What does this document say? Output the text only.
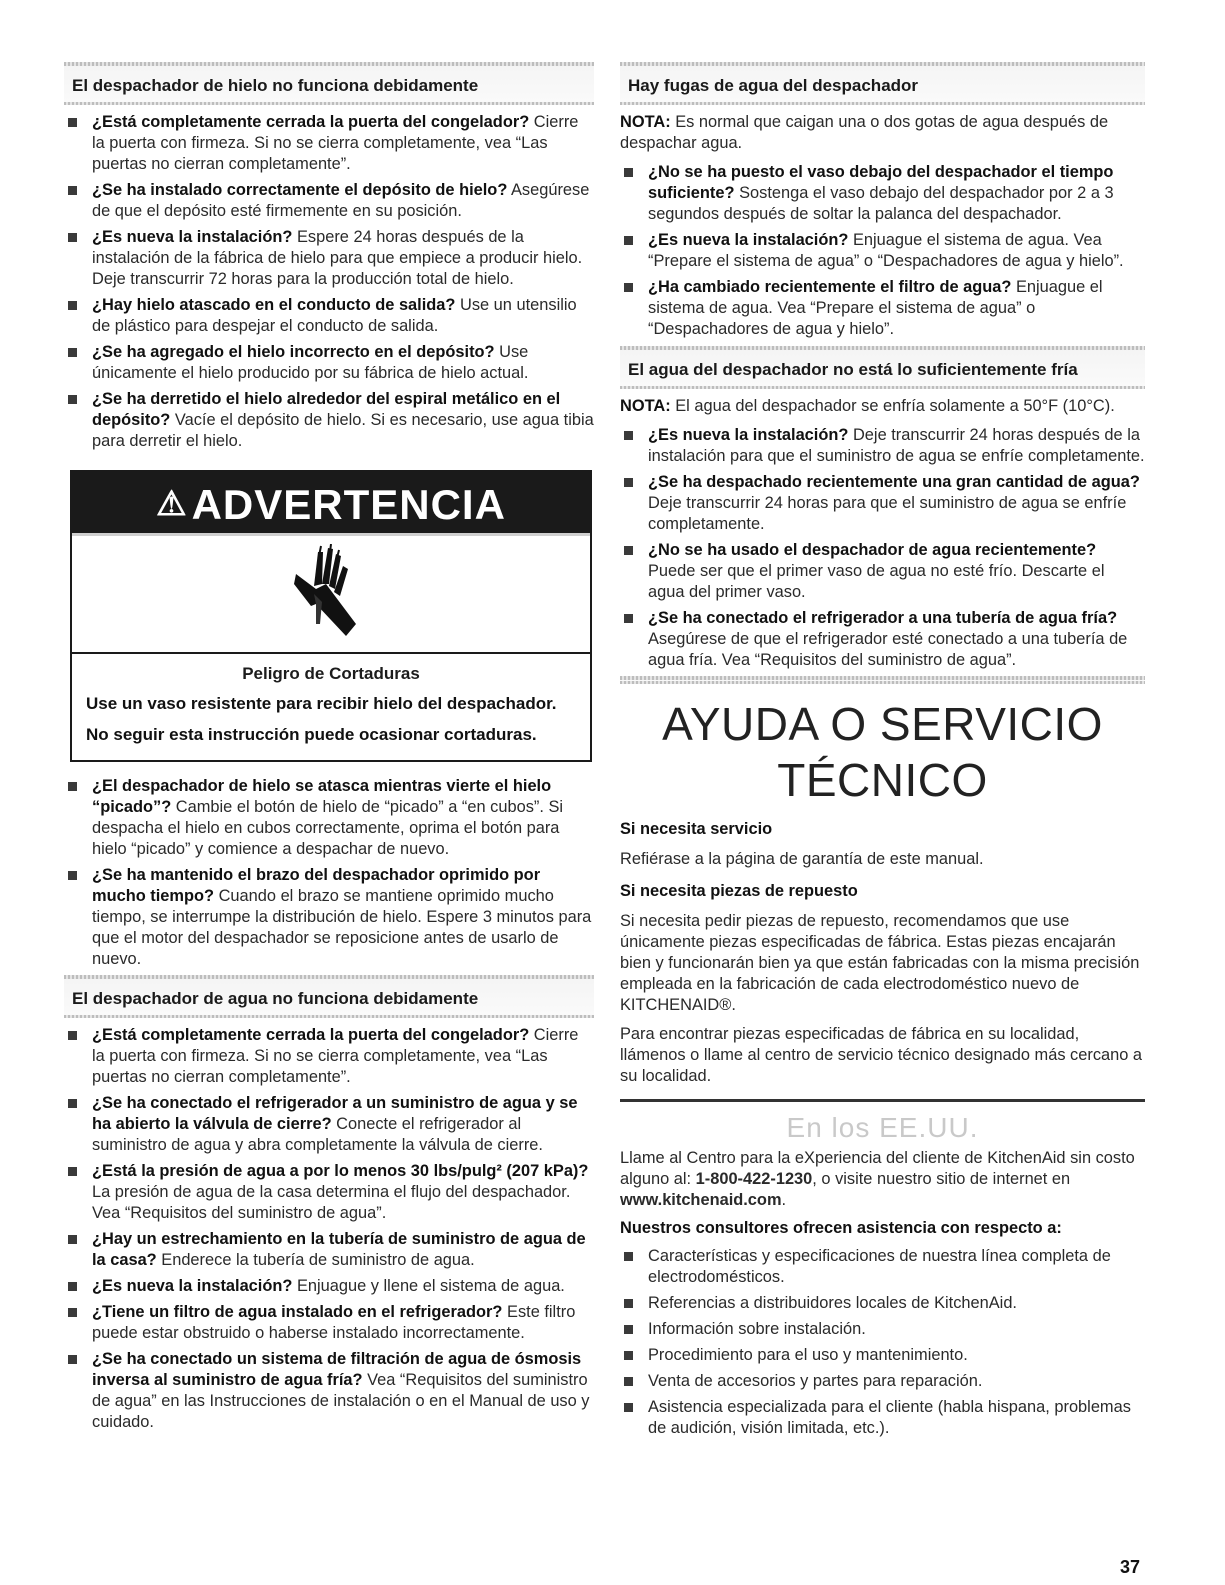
El despachador de hielo no funciona debidamente
¿Está completamente cerrada la puerta del congelador? Cierre la puerta con firmeza. Si no se cierra completamente, vea “Las puertas no cierran completamente”.
¿Se ha instalado correctamente el depósito de hielo? Asegúrese de que el depósito esté firmemente en su posición.
¿Es nueva la instalación? Espere 24 horas después de la instalación de la fábrica de hielo para que empiece a producir hielo. Deje transcurrir 72 horas para la producción total de hielo.
¿Hay hielo atascado en el conducto de salida? Use un utensilio de plástico para despejar el conducto de salida.
¿Se ha agregado el hielo incorrecto en el depósito? Use únicamente el hielo producido por su fábrica de hielo actual.
¿Se ha derretido el hielo alrededor del espiral metálico en el depósito? Vacíe el depósito de hielo. Si es necesario, use agua tibia para derretir el hielo.
⚠ADVERTENCIA
Peligro de Cortaduras
Use un vaso resistente para recibir hielo del despachador.
No seguir esta instrucción puede ocasionar cortaduras.
¿El despachador de hielo se atasca mientras vierte el hielo “picado”? Cambie el botón de hielo de “picado” a “en cubos”. Si despacha el hielo en cubos correctamente, oprima el botón para hielo “picado” y comience a despachar de nuevo.
¿Se ha mantenido el brazo del despachador oprimido por mucho tiempo? Cuando el brazo se mantiene oprimido mucho tiempo, se interrumpe la distribución de hielo. Espere 3 minutos para que el motor del despachador se reposicione antes de usarlo de nuevo.
El despachador de agua no funciona debidamente
¿Está completamente cerrada la puerta del congelador? Cierre la puerta con firmeza. Si no se cierra completamente, vea “Las puertas no cierran completamente”.
¿Se ha conectado el refrigerador a un suministro de agua y se ha abierto la válvula de cierre? Conecte el refrigerador al suministro de agua y abra completamente la válvula de cierre.
¿Está la presión de agua a por lo menos 30 lbs/pulg² (207 kPa)? La presión de agua de la casa determina el flujo del despachador. Vea “Requisitos del suministro de agua”.
¿Hay un estrechamiento en la tubería de suministro de agua de la casa? Enderece la tubería de suministro de agua.
¿Es nueva la instalación? Enjuague y llene el sistema de agua.
¿Tiene un filtro de agua instalado en el refrigerador? Este filtro puede estar obstruido o haberse instalado incorrectamente.
¿Se ha conectado un sistema de filtración de agua de ósmosis inversa al suministro de agua fría? Vea “Requisitos del suministro de agua” en las Instrucciones de instalación o en el Manual de uso y cuidado.
Hay fugas de agua del despachador

NOTA: Es normal que caigan una o dos gotas de agua después de despachar agua.

¿No se ha puesto el vaso debajo del despachador el tiempo suficiente? Sostenga el vaso debajo del despachador por 2 a 3 segundos después de soltar la palanca del despachador.
¿Es nueva la instalación? Enjuague el sistema de agua. Vea “Prepare el sistema de agua” o “Despachadores de agua y hielo”.
¿Ha cambiado recientemente el filtro de agua? Enjuague el sistema de agua. Vea “Prepare el sistema de agua” o “Despachadores de agua y hielo”.
El agua del despachador no está lo suficientemente fría

NOTA: El agua del despachador se enfría solamente a 50°F (10°C).

¿Es nueva la instalación? Deje transcurrir 24 horas después de la instalación para que el suministro de agua se enfríe completamente.
¿Se ha despachado recientemente una gran cantidad de agua? Deje transcurrir 24 horas para que el suministro de agua se enfríe completamente.
¿No se ha usado el despachador de agua recientemente? Puede ser que el primer vaso de agua no esté frío. Descarte el agua del primer vaso.
¿Se ha conectado el refrigerador a una tubería de agua fría? Asegúrese de que el refrigerador esté conectado a una tubería de agua fría. Vea “Requisitos del suministro de agua”.
AYUDA O SERVICIO
TÉCNICO
Si necesita servicio

Refiérase a la página de garantía de este manual.

Si necesita piezas de repuesto

Si necesita pedir piezas de repuesto, recomendamos que use únicamente piezas especificadas de fábrica. Estas piezas encajarán bien y funcionarán bien ya que están fabricadas con la misma precisión empleada en la fabricación de cada electrodoméstico nuevo de KITCHENAID®.

Para encontrar piezas especificadas de fábrica en su localidad, llámenos o llame al centro de servicio técnico designado más cercano a su localidad.

En los EE.UU.

Llame al Centro para la eXperiencia del cliente de KitchenAid sin costo alguno al: 1-800-422-1230, o visite nuestro sitio de internet en www.kitchenaid.com.

Nuestros consultores ofrecen asistencia con respecto a:
Características y especificaciones de nuestra línea completa de electrodomésticos.
Referencias a distribuidores locales de KitchenAid.
Información sobre instalación.
Procedimiento para el uso y mantenimiento.
Venta de accesorios y partes para reparación.
Asistencia especializada para el cliente (habla hispana, problemas de audición, visión limitada, etc.).
37
